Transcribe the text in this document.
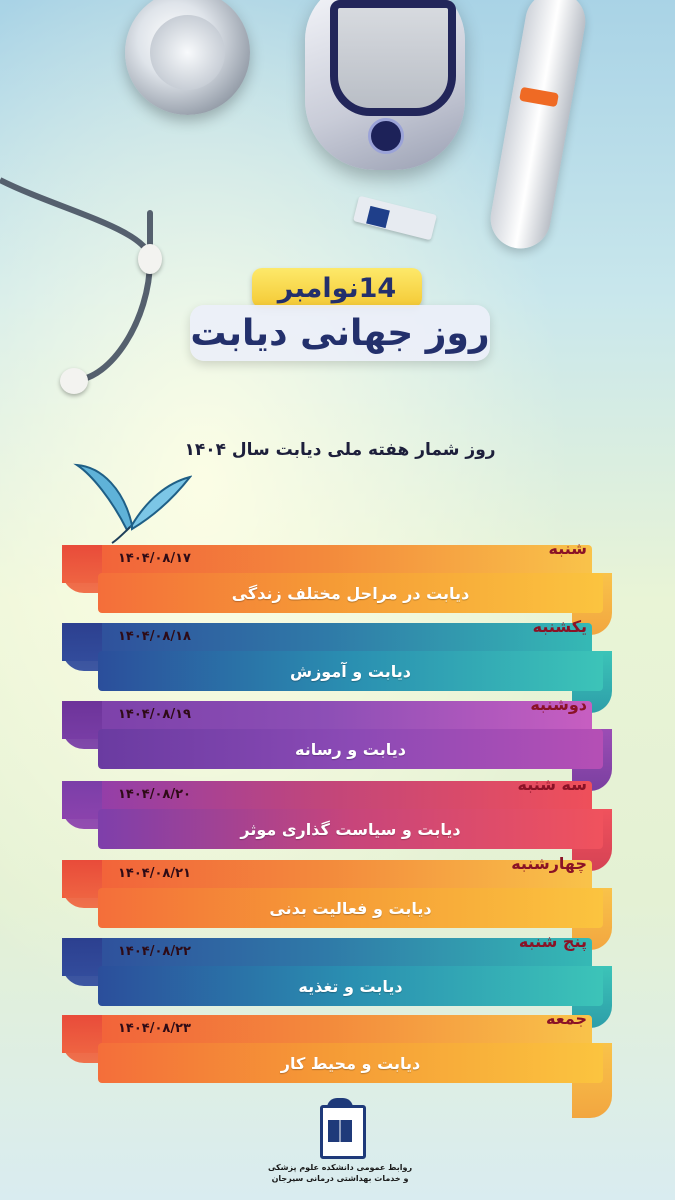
14نوامبر
روز جهانی دیابت
روز شمار هفته ملی دیابت سال ۱۴۰۴
شنبه
۱۴۰۴/۰۸/۱۷
دیابت در مراحل مختلف زندگی
یکشنبه
۱۴۰۴/۰۸/۱۸
دیابت و آموزش
دوشنبه
۱۴۰۴/۰۸/۱۹
دیابت و رسانه
سه شنبه
۱۴۰۴/۰۸/۲۰
دیابت و سیاست گذاری موثر
چهارشنبه
۱۴۰۴/۰۸/۲۱
دیابت و فعالیت بدنی
پنج شنبه
۱۴۰۴/۰۸/۲۲
دیابت و تغذیه
جمعه
۱۴۰۴/۰۸/۲۳
دیابت و محیط کار
روابط عمومی دانشکده علوم پزشکی
و خدمات بهداشتی درمانی سیرجان
